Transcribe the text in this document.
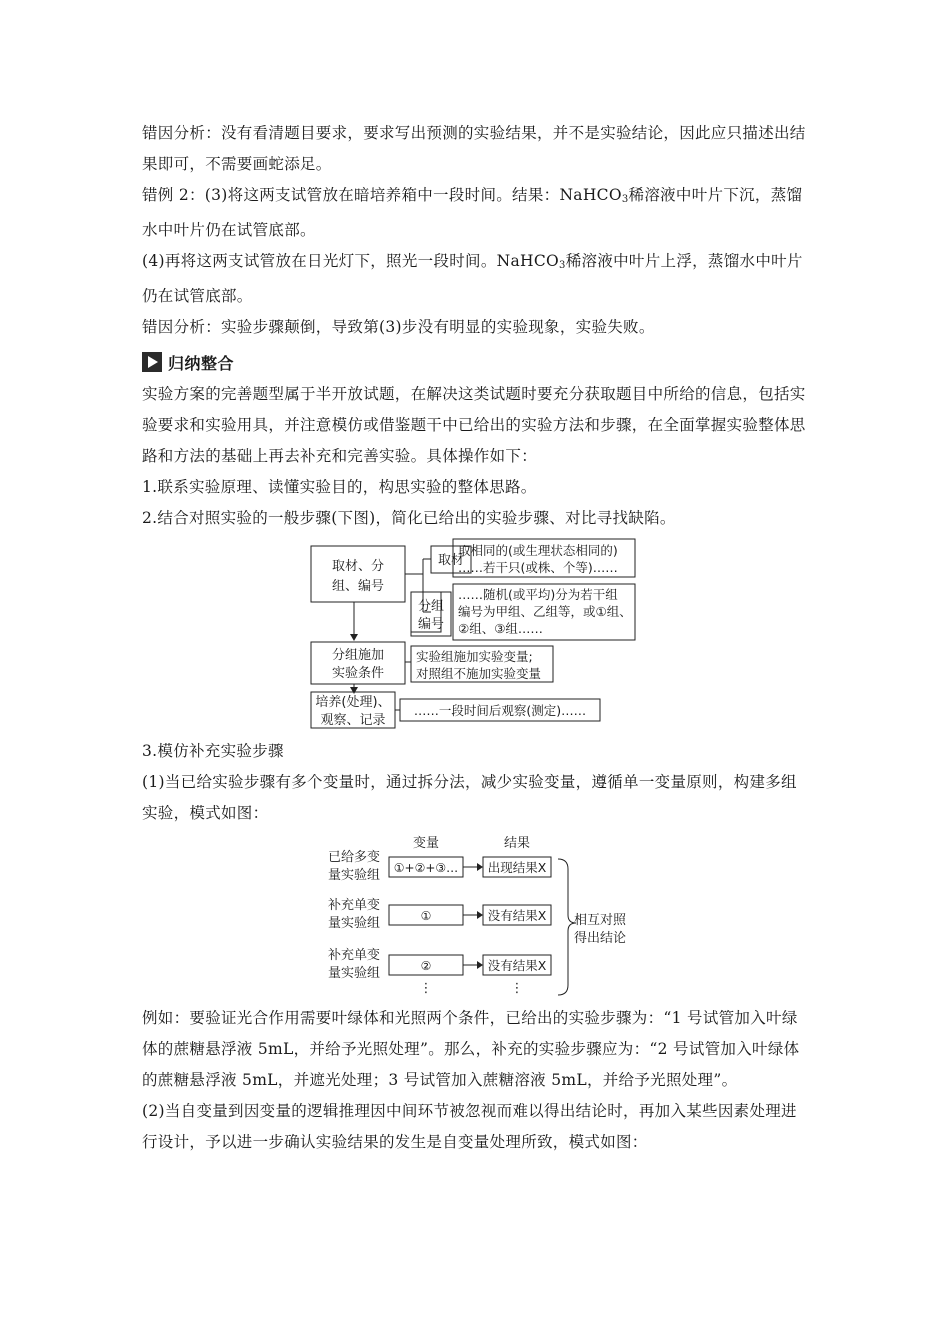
错因分析：没有看清题目要求，要求写出预测的实验结果，并不是实验结论，因此应只描述出结果即可，不需要画蛇添足。

错例 2：(3)将这两支试管放在暗培养箱中一段时间。结果：NaHCO$_3$稀溶液中叶片下沉，蒸馏水中叶片仍在试管底部。

(4)再将这两支试管放在日光灯下，照光一段时间。NaHCO$_3$稀溶液中叶片上浮，蒸馏水中叶片仍在试管底部。

错因分析：实验步骤颠倒，导致第(3)步没有明显的实验现象，实验失败。

归纳整合

实验方案的完善题型属于半开放试题，在解决这类试题时要充分获取题目中所给的信息，包括实验要求和实验用具，并注意模仿或借鉴题干中已给出的实验方法和步骤，在全面掌握实验整体思路和方法的基础上再去补充和完善实验。具体操作如下：

1.联系实验原理、读懂实验目的，构思实验的整体思路。

2.结合对照实验的一般步骤(下图)，简化已给出的实验步骤、对比寻找缺陷。

取材、分
组、编号
取材
取相同的(或生理状态相同的)
……若干只(或株、个等)……
分组
编号
……随机(或平均)分为若干组
编号为甲组、乙组等，或①组、
②组、③组……
分组施加
实验条件
实验组施加实验变量;
对照组不施加实验变量
培养(处理)、
观察、记录
……一段时间后观察(测定)……

3.模仿补充实验步骤

(1)当已给实验步骤有多个变量时，通过拆分法，减少实验变量，遵循单一变量原则，构建多组实验，模式如图：

变量	结果
已给多变
量实验组 ①+②+③… 出现结果X
补充单变
量实验组	①	没有结果X
补充单变
量实验组	②	没有结果X
⋮	⋮
相互对照
得出结论

例如：要验证光合作用需要叶绿体和光照两个条件，已给出的实验步骤为：“1 号试管加入叶绿体的蔗糖悬浮液 5mL，并给予光照处理”。那么，补充的实验步骤应为：“2 号试管加入叶绿体的蔗糖悬浮液 5mL，并遮光处理；3 号试管加入蔗糖溶液 5mL，并给予光照处理”。

(2)当自变量到因变量的逻辑推理因中间环节被忽视而难以得出结论时，再加入某些因素处理进行设计，予以进一步确认实验结果的发生是自变量处理所致，模式如图：
